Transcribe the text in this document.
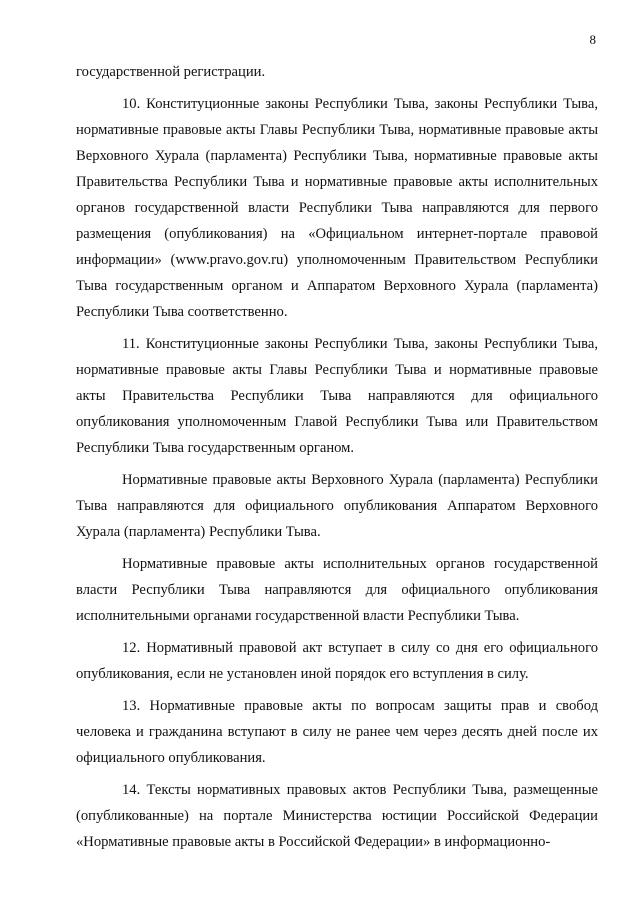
8

государственной регистрации.

10. Конституционные законы Республики Тыва, законы Республики Тыва, нормативные правовые акты Главы Республики Тыва, нормативные правовые акты Верховного Хурала (парламента) Республики Тыва, нормативные правовые акты Правительства Республики Тыва и нормативные правовые акты исполнительных органов государственной власти Республики Тыва направляются для первого размещения (опубликования) на «Официальном интернет-портале правовой информации» (www.pravo.gov.ru) уполномоченным Правительством Республики Тыва государственным органом и Аппаратом Верховного Хурала (парламента) Республики Тыва соответственно.

11. Конституционные законы Республики Тыва, законы Республики Тыва, нормативные правовые акты Главы Республики Тыва и нормативные правовые акты Правительства Республики Тыва направляются для официального опубликования уполномоченным Главой Республики Тыва или Правительством Республики Тыва государственным органом.

Нормативные правовые акты Верховного Хурала (парламента) Республики Тыва направляются для официального опубликования Аппаратом Верховного Хурала (парламента) Республики Тыва.

Нормативные правовые акты исполнительных органов государственной власти Республики Тыва направляются для официального опубликования исполнительными органами государственной власти Республики Тыва.

12. Нормативный правовой акт вступает в силу со дня его официального опубликования, если не установлен иной порядок его вступления в силу.

13. Нормативные правовые акты по вопросам защиты прав и свобод человека и гражданина вступают в силу не ранее чем через десять дней после их официального опубликования.

14. Тексты нормативных правовых актов Республики Тыва, размещенные (опубликованные) на портале Министерства юстиции Российской Федерации «Нормативные правовые акты в Российской Федерации» в информационно-
